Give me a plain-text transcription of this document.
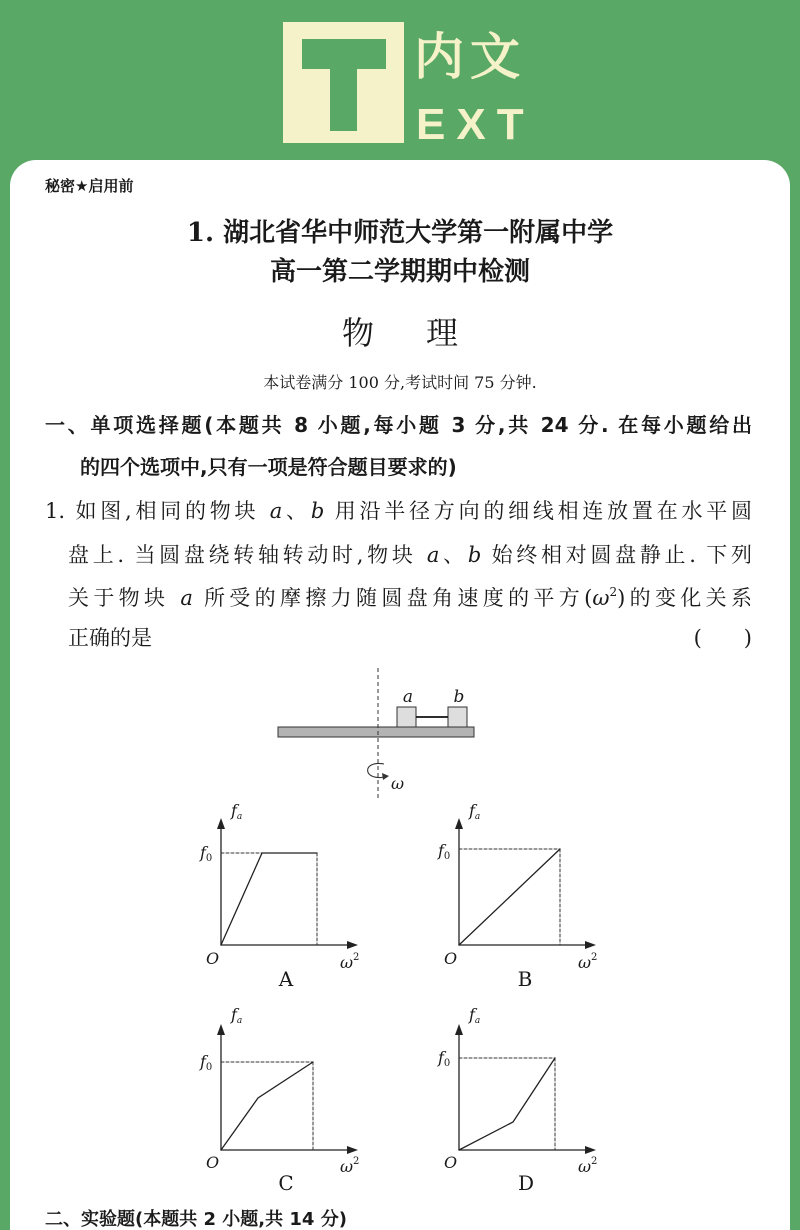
内文
EXT
秘密★启用前
1. 湖北省华中师范大学第一附属中学
高一第二学期期中检测
物　理
本试卷满分 100 分,考试时间 75 分钟.
一、单项选择题(本题共 8 小题,每小题 3 分,共 24 分. 在每小题给出
的四个选项中,只有一项是符合题目要求的)
1. 如图,相同的物块 a、b 用沿半径方向的细线相连放置在水平圆
盘上. 当圆盘绕转轴转动时,物块 a、b 始终相对圆盘静止. 下列
关于物块 a 所受的摩擦力随圆盘角速度的平方$(\omega^2)$的变化关系
正确的是	(　　)
a b
ω
fa
f0
O	$\omega^2$
A
fa
f0
O	$\omega^2$
B
fa
f0
O	$\omega^2$
C
fa
f0
O	$\omega^2$
D
二、实验题(本题共 2 小题,共 14 分)
